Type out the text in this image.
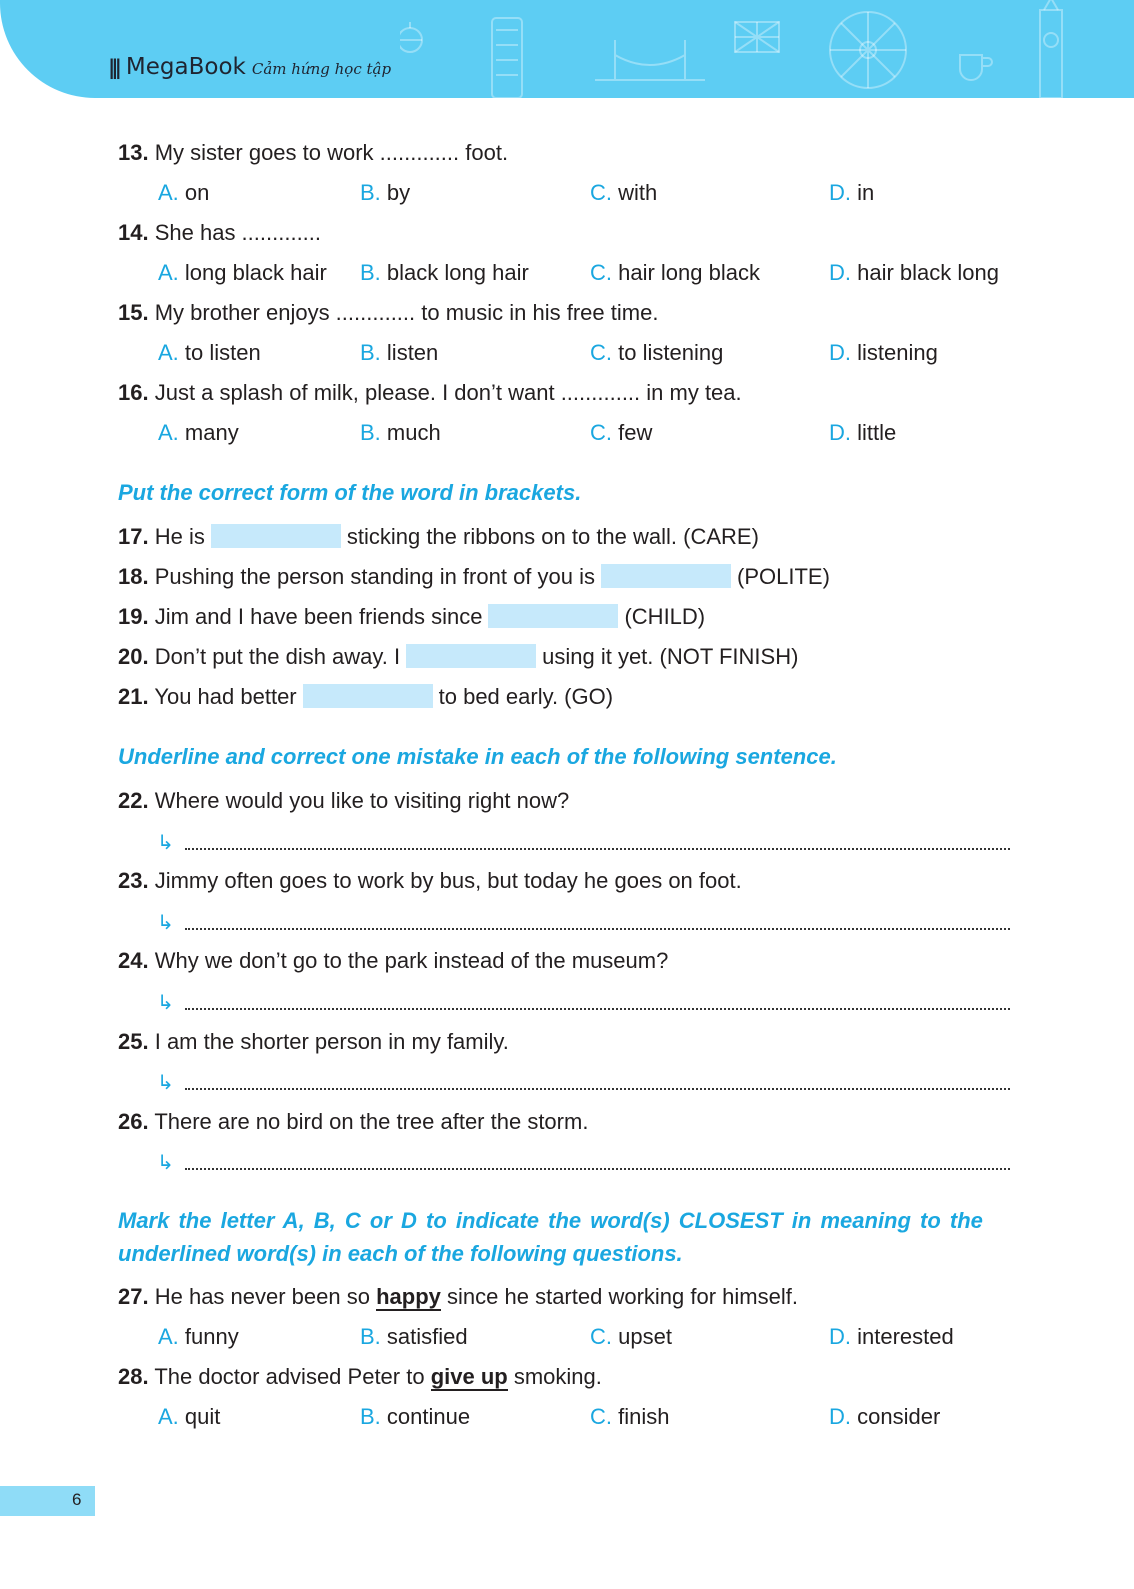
||| MegaBook Cảm hứng học tập
13. My sister goes to work ............. foot.
A. on	B. by	C. with	D. in
14. She has .............
A. long black hair B. black long hair	C. hair long black	D. hair black long
15. My brother enjoys ............. to music in his free time.
A. to listen	B. listen	C. to listening	D. listening
16. Just a splash of milk, please. I don’t want ............. in my tea.
A. many	B. much	C. few	D. little
Put the correct form of the word in brackets.
17. He is	sticking the ribbons on to the wall. (CARE)
18. Pushing the person standing in front of you is	(POLITE)
19. Jim and I have been friends since	(CHILD)
20. Don’t put the dish away. I	using it yet. (NOT FINISH)
21. You had better	to bed early. (GO)
Underline and correct one mistake in each of the following sentence.
22. Where would you like to visiting right now?
↳
23. Jimmy often goes to work by bus, but today he goes on foot.
↳
24. Why we don’t go to the park instead of the museum?
↳
25. I am the shorter person in my family.
↳
26. There are no bird on the tree after the storm.
↳
Mark the letter A, B, C or D to indicate the word(s) CLOSEST in meaning to the
underlined word(s) in each of the following questions.
27. He has never been so happy since he started working for himself.
A. funny	B. satisfied	C. upset	D. interested
28. The doctor advised Peter to give up smoking.
A. quit	B. continue	C. finish	D. consider
6
